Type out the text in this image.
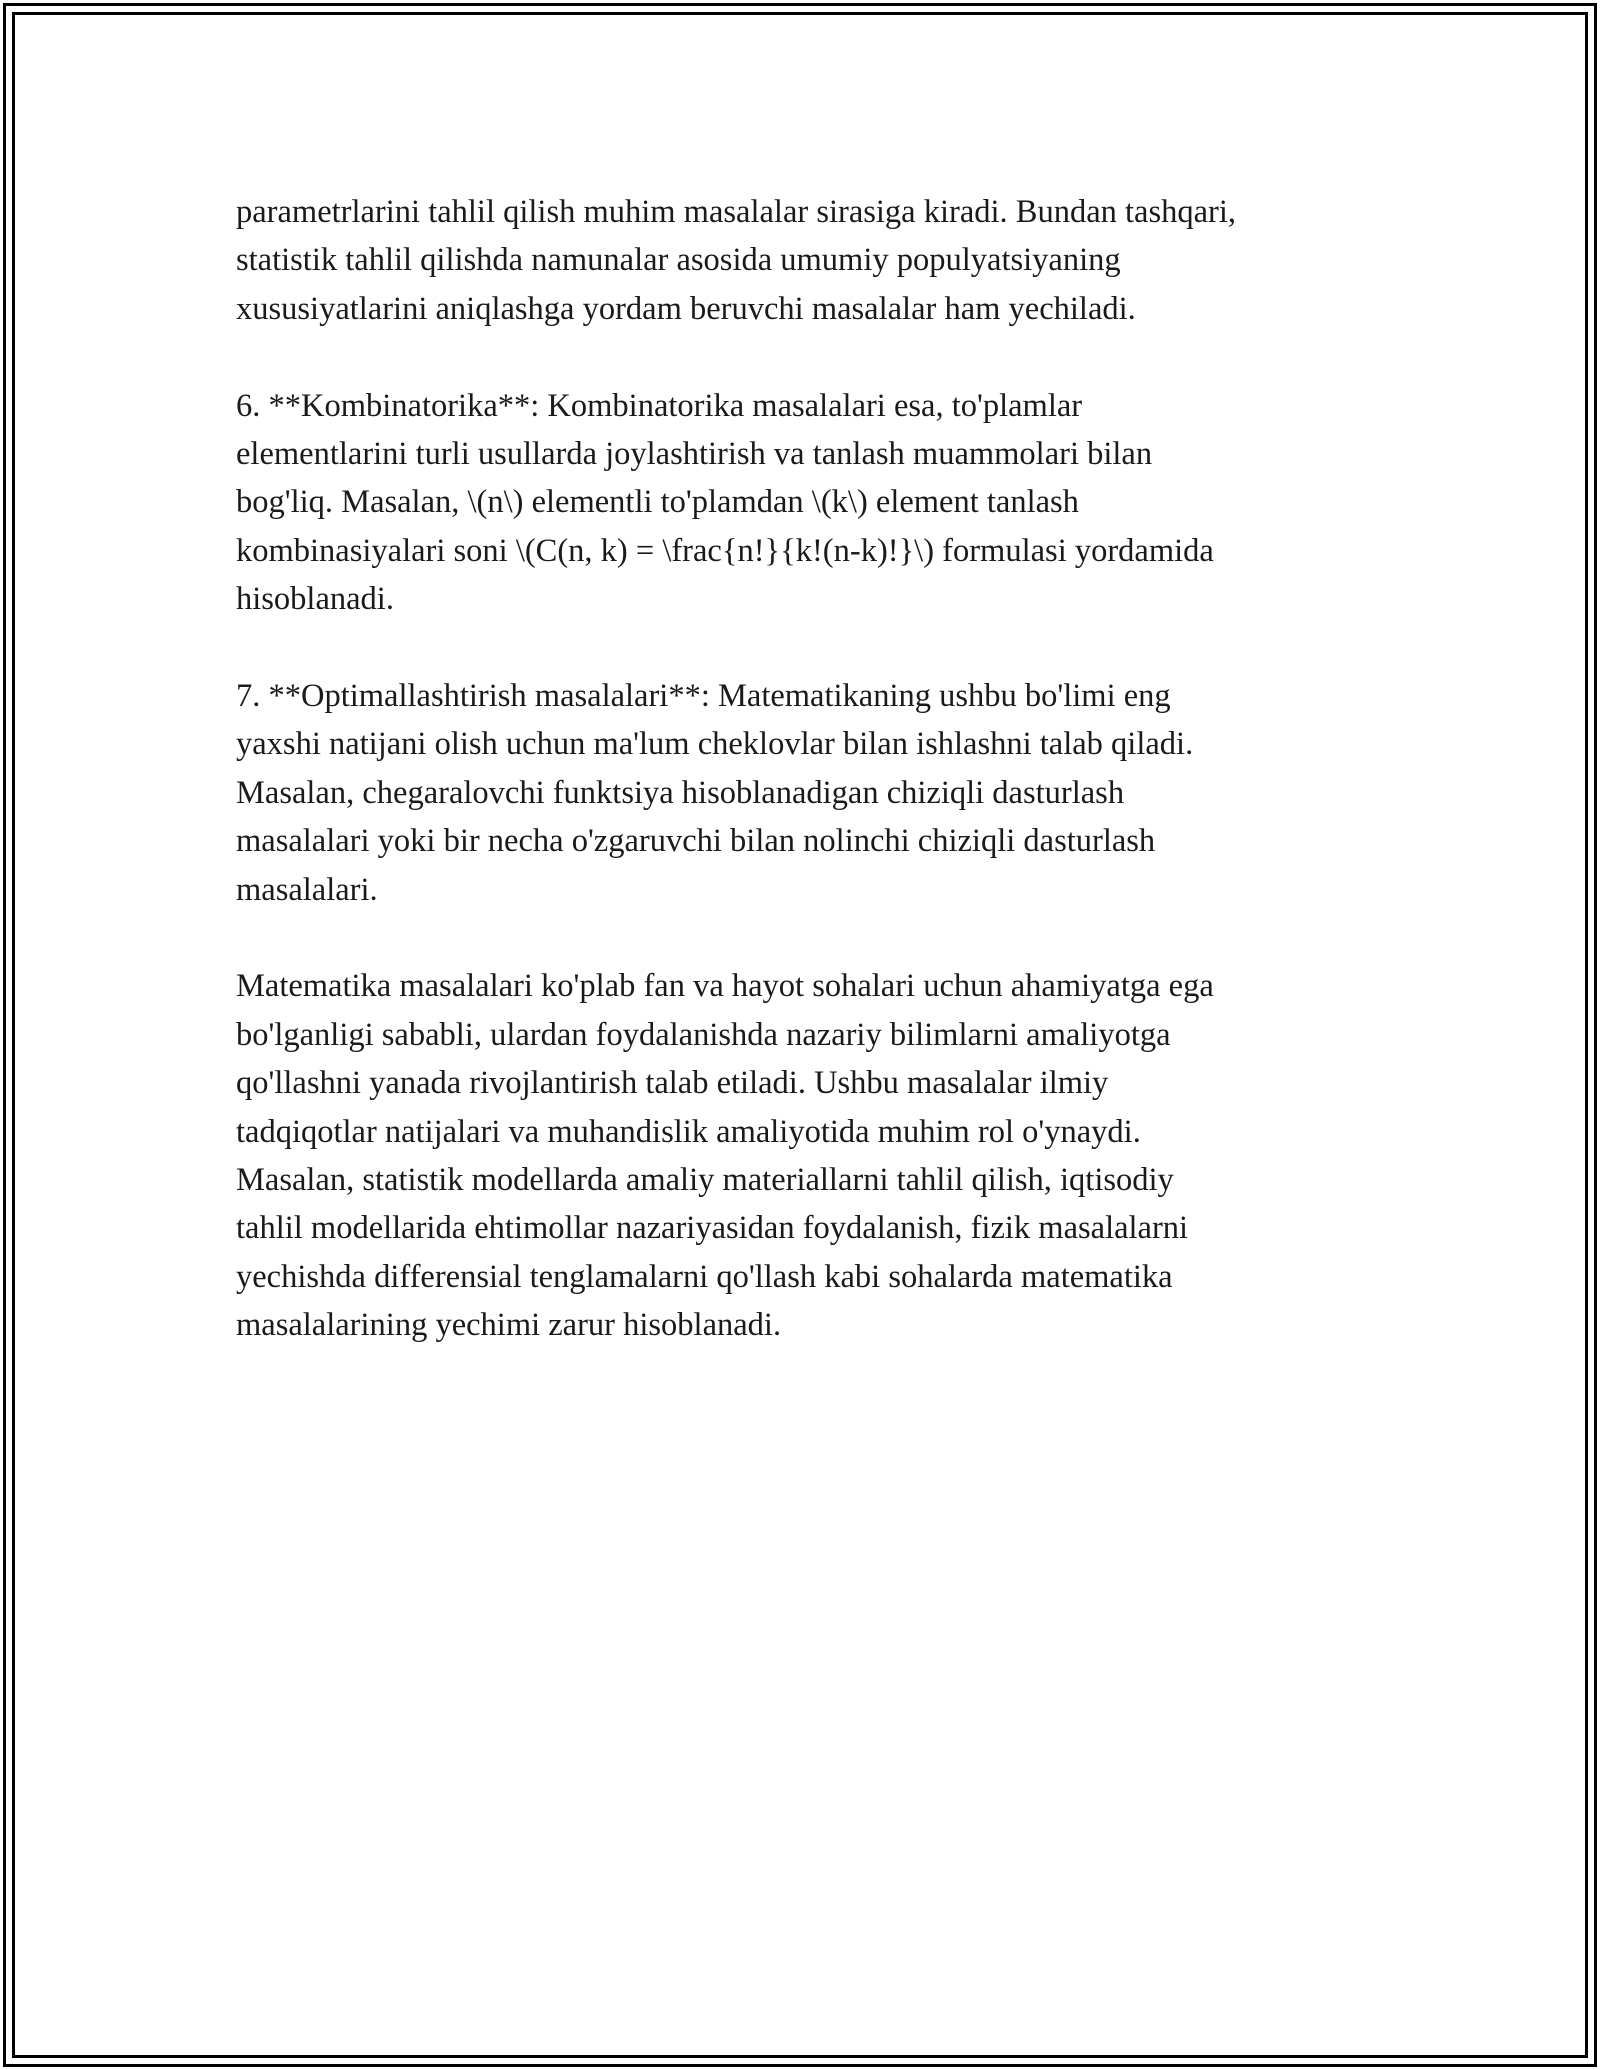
parametrlarini tahlil qilish muhim masalalar sirasiga kiradi. Bundan tashqari,
statistik tahlil qilishda namunalar asosida umumiy populyatsiyaning
xususiyatlarini aniqlashga yordam beruvchi masalalar ham yechiladi.

6. **Kombinatorika**: Kombinatorika masalalari esa, to'plamlar
elementlarini turli usullarda joylashtirish va tanlash muammolari bilan
bog'liq. Masalan, \(n\) elementli to'plamdan \(k\) element tanlash
kombinasiyalari soni \(C(n, k) = \frac{n!}{k!(n-k)!}\) formulasi yordamida
hisoblanadi.

7. **Optimallashtirish masalalari**: Matematikaning ushbu bo'limi eng
yaxshi natijani olish uchun ma'lum cheklovlar bilan ishlashni talab qiladi.
Masalan, chegaralovchi funktsiya hisoblanadigan chiziqli dasturlash
masalalari yoki bir necha o'zgaruvchi bilan nolinchi chiziqli dasturlash
masalalari.

Matematika masalalari ko'plab fan va hayot sohalari uchun ahamiyatga ega
bo'lganligi sababli, ulardan foydalanishda nazariy bilimlarni amaliyotga
qo'llashni yanada rivojlantirish talab etiladi. Ushbu masalalar ilmiy
tadqiqotlar natijalari va muhandislik amaliyotida muhim rol o'ynaydi.
Masalan, statistik modellarda amaliy materiallarni tahlil qilish, iqtisodiy
tahlil modellarida ehtimollar nazariyasidan foydalanish, fizik masalalarni
yechishda differensial tenglamalarni qo'llash kabi sohalarda matematika
masalalarining yechimi zarur hisoblanadi.
